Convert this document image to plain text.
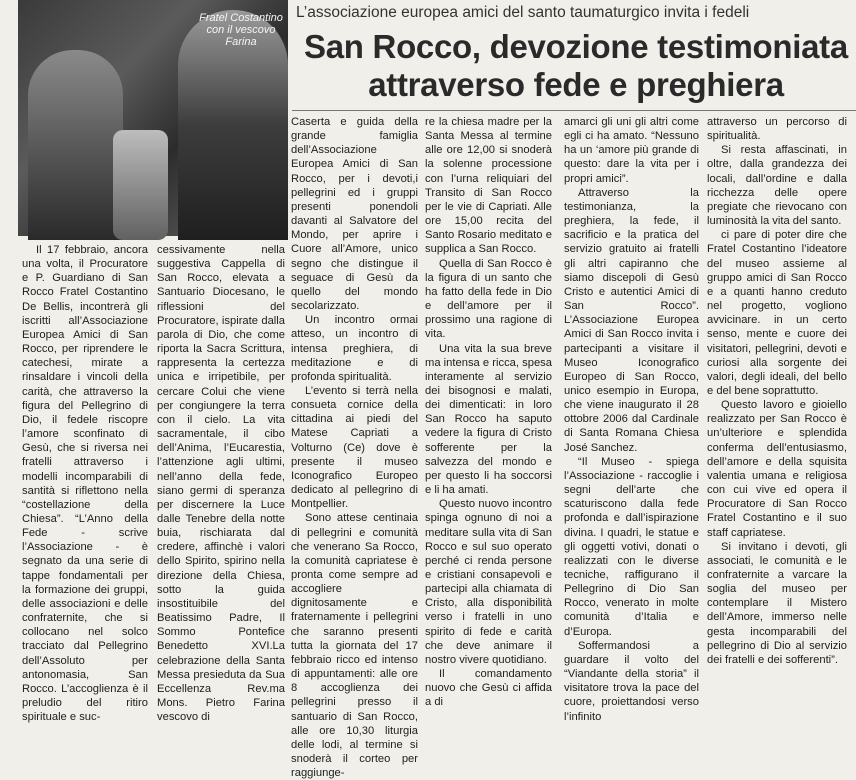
Fratel Costantino
con il vescovo
Farina
L’associazione europea amici del santo taumaturgico invita i fedeli
San Rocco, devozione testimoniata
attraverso fede e preghiera

Il 17 febbraio, ancora una volta, il Procuratore e P. Guardiano di San Rocco Fratel Costantino De Bellis, incontrerà gli iscritti all’Associazione Europea Amici di San Rocco, per riprendere le catechesi, mirate a rinsaldare i vincoli della carità, che attraverso la figura del Pellegrino di Dio, il fedele riscopre l’amore sconfinato di Gesù, che si riversa nei fratelli attraverso i modelli incomparabili di santità si riflettono nella “costellazione della Chiesa”. “L’Anno della Fede - scrive l’Associazione - è segnato da una serie di tappe fondamentali per la formazione dei gruppi, delle associazioni e delle confraternite, che si collocano nel solco tracciato dal Pellegrino dell’Assoluto per antonomasia, San Rocco. L’accoglienza è il preludio del ritiro spirituale e suc-

cessivamente nella suggestiva Cappella di San Rocco, elevata a Santuario Diocesano, le riflessioni del Procuratore, ispirate dalla parola di Dio, che come riporta la Sacra Scrittura, rappresenta la certezza unica e irripetibile, per cercare Colui che viene per congiungere la terra con il cielo. La vita sacramentale, il cibo dell’Anima, l’Eucarestia, l’attenzione agli ultimi, nell’anno della fede, siano germi di speranza per discernere la Luce dalle Tenebre della notte buia, rischiarata dal credere, affinchè i valori dello Spirito, spirino nella direzione della Chiesa, sotto la guida insostituibile del Beatissimo Padre, Il Sommo Pontefice Benedetto XVI.La celebrazione della Santa Messa presieduta da Sua Eccellenza Rev.ma Mons. Pietro Farina vescovo di

Caserta e guida della grande famiglia dell’Associazione Europea Amici di San Rocco, per i devoti,i pellegrini ed i gruppi presenti ponendoli davanti al Salvatore del Mondo, per aprire i Cuore all’Amore, unico segno che distingue il seguace di Gesù da quello del mondo secolarizzato.

Un incontro ormai atteso, un incontro di intensa preghiera, di meditazione e di profonda spiritualità.

L’evento si terrà nella consueta cornice della cittadina ai piedi del Matese Capriati a Volturno (Ce) dove è presente il museo Iconografico Europeo dedicato al pellegrino di Montpellier.

Sono attese centinaia di pellegrini e comunità che venerano Sa Rocco, la comunità capriatese è pronta come sempre ad accogliere dignitosamente e fraternamente i pellegrini che saranno presenti tutta la giornata del 17 febbraio ricco ed intenso di appuntamenti: alle ore 8 accoglienza dei pellegrini presso il santuario di San Rocco, alle ore 10,30 liturgia delle lodi, al termine si snoderà il corteo per raggiunge-

re la chiesa madre per la Santa Messa al termine alle ore 12,00 si snoderà la solenne processione con l’urna reliquiari del Transito di San Rocco per le vie di Capriati. Alle ore 15,00 recita del Santo Rosario meditato e supplica a San Rocco.

Quella di San Rocco è la figura di un santo che ha fatto della fede in Dio e dell’amore per il prossimo una ragione di vita.

Una vita la sua breve ma intensa e ricca, spesa interamente al servizio dei bisognosi e malati, dei dimenticati: in loro San Rocco ha saputo vedere la figura di Cristo sofferente per la salvezza del mondo e per questo li ha soccorsi e li ha amati.

Questo nuovo incontro spinga ognuno di noi a meditare sulla vita di San Rocco e sul suo operato perché ci renda persone e cristiani consapevoli e partecipi alla chiamata di Cristo, alla disponibilità verso i fratelli in uno spirito di fede e carità che deve animare il nostro vivere quotidiano.

Il comandamento nuovo che Gesù ci affida a di

amarci gli uni gli altri come egli ci ha amato. “Nessuno ha un ‘amore più grande di questo: dare la vita per i propri amici”.

Attraverso la testimonianza, la preghiera, la fede, il sacrificio e la pratica del servizio gratuito ai fratelli gli altri capiranno che siamo discepoli di Gesù Cristo e autentici Amici di San Rocco”. L’Associazione Europea Amici di San Rocco invita i partecipanti a visitare il Museo Iconografico Europeo di San Rocco, unico esempio in Europa, che viene inaugurato il 28 ottobre 2006 dal Cardinale di Santa Romana Chiesa José Sanchez.

“Il Museo - spiega l’Associazione - raccoglie i segni dell’arte che scaturiscono dalla fede profonda e dall’ispirazione divina. I quadri, le statue e gli oggetti votivi, donati o realizzati con le diverse tecniche, raffigurano il Pellegrino di Dio San Rocco, venerato in molte comunità d’Italia e d’Europa.

Soffermandosi a guardare il volto del “Viandante della storia” il visitatore trova la pace del cuore, proiettandosi verso l’infinito

attraverso un percorso di spiritualità.

Si resta affascinati, in oltre, dalla grandezza dei locali, dall’ordine e dalla ricchezza delle opere pregiate che rievocano con luminosità la vita del santo.

ci pare di poter dire che Fratel Costantino l’ideatore del museo assieme al gruppo amici di San Rocco e a quanti hanno creduto nel progetto, vogliono avvicinare. in un certo senso, mente e cuore dei visitatori, pellegrini, devoti e curiosi alla sorgente dei valori, degli ideali, del bello e del bene soprattutto.

Questo lavoro e gioiello realizzato per San Rocco è un’ulteriore e splendida conferma dell’entusiasmo, dell’amore e della squisita valentia umana e religiosa con cui vive ed opera il Procuratore di San Rocco Fratel Costantino e il suo staff capriatese.

Si invitano i devoti, gli associati, le comunità e le confraternite a varcare la soglia del museo per contemplare il Mistero dell’Amore, immerso nelle gesta incomparabili del pellegrino di Dio al servizio dei fratelli e dei sofferenti”.
